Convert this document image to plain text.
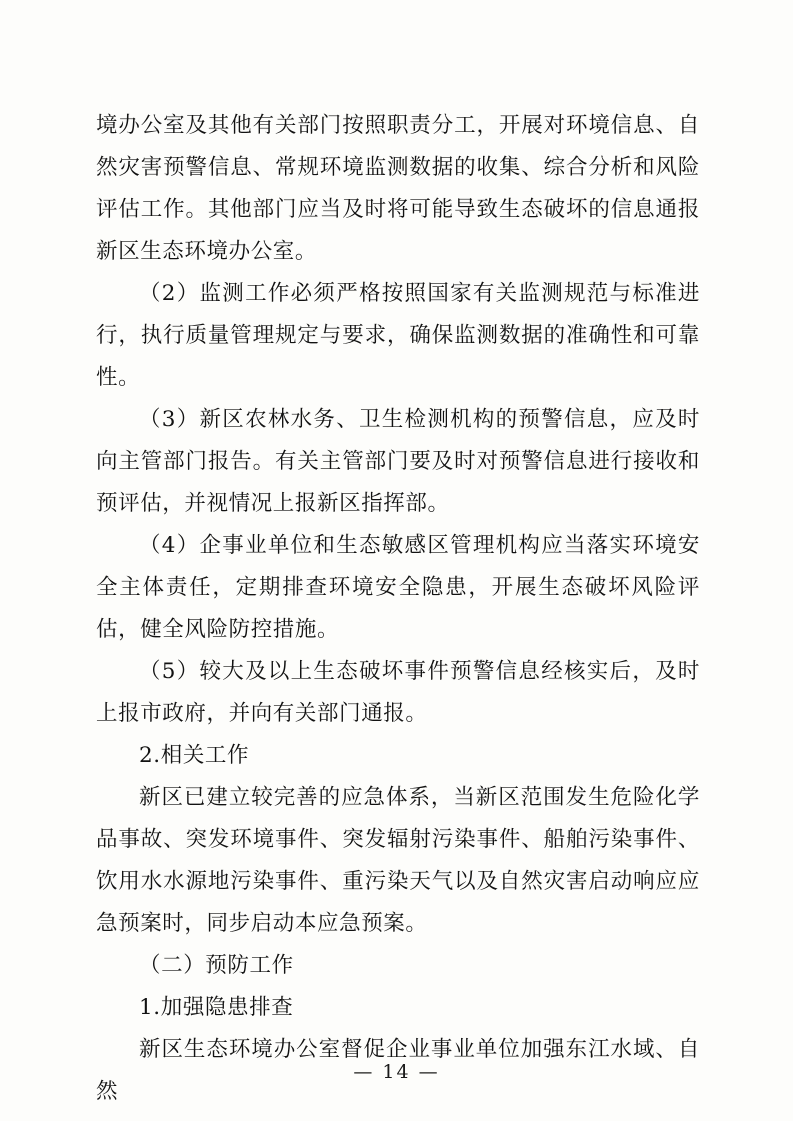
境办公室及其他有关部门按照职责分工，开展对环境信息、自然灾害预警信息、常规环境监测数据的收集、综合分析和风险评估工作。其他部门应当及时将可能导致生态破坏的信息通报新区生态环境办公室。

（2）监测工作必须严格按照国家有关监测规范与标准进行，执行质量管理规定与要求，确保监测数据的准确性和可靠性。

（3）新区农林水务、卫生检测机构的预警信息，应及时向主管部门报告。有关主管部门要及时对预警信息进行接收和预评估，并视情况上报新区指挥部。

（4）企事业单位和生态敏感区管理机构应当落实环境安全主体责任，定期排查环境安全隐患，开展生态破坏风险评估，健全风险防控措施。

（5）较大及以上生态破坏事件预警信息经核实后，及时上报市政府，并向有关部门通报。

2.相关工作

新区已建立较完善的应急体系，当新区范围发生危险化学品事故、突发环境事件、突发辐射污染事件、船舶污染事件、饮用水水源地污染事件、重污染天气以及自然灾害启动响应应急预案时，同步启动本应急预案。

（二）预防工作

1.加强隐患排查

新区生态环境办公室督促企业事业单位加强东江水域、自然

— 14 —
